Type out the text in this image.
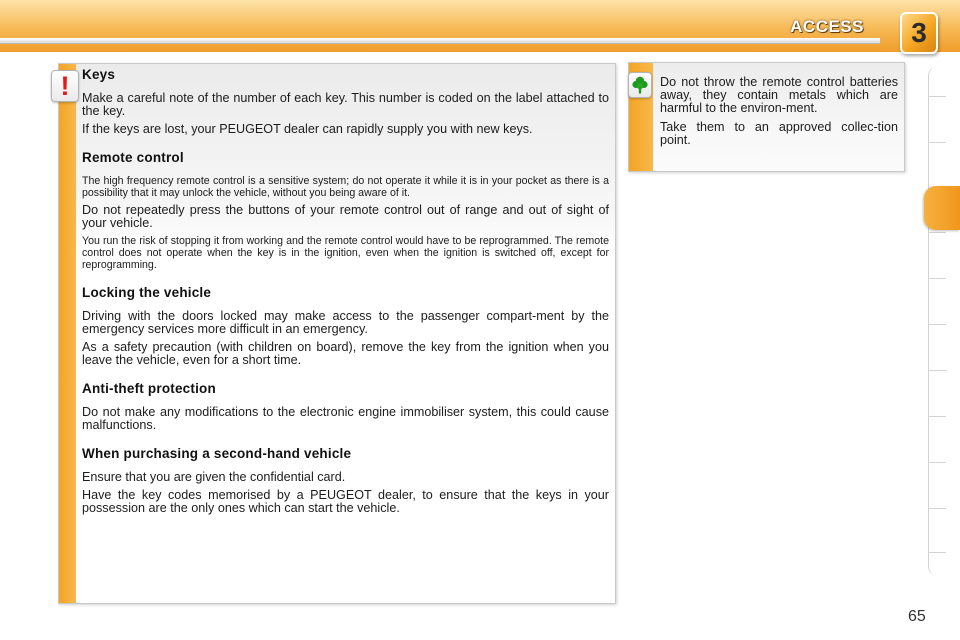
ACCESS	3
! Keys

Make a careful note of the number of each key. This number is coded on the label attached to the key.

If the keys are lost, your PEUGEOT dealer can rapidly supply you with new keys.

Remote control

The high frequency remote control is a sensitive system; do not operate it while it is in your pocket as there is a possibility that it may unlock the vehicle, without you being aware of it.

Do not repeatedly press the buttons of your remote control out of range and out of sight of your vehicle.

You run the risk of stopping it from working and the remote control would have to be reprogrammed. The remote control does not operate when the key is in the ignition, even when the ignition is switched off, except for reprogramming.

Locking the vehicle

Driving with the doors locked may make access to the passenger compart-ment by the emergency services more difficult in an emergency.

As a safety precaution (with children on board), remove the key from the ignition when you leave the vehicle, even for a short time.

Anti-theft protection

Do not make any modifications to the electronic engine immobiliser system, this could cause malfunctions.

When purchasing a second-hand vehicle

Ensure that you are given the confidential card.

Have the key codes memorised by a PEUGEOT dealer, to ensure that the keys in your possession are the only ones which can start the vehicle.

Do not throw the remote control batteries away, they contain metals which are harmful to the environ-ment.

Take them to an approved collec-tion point.

65
